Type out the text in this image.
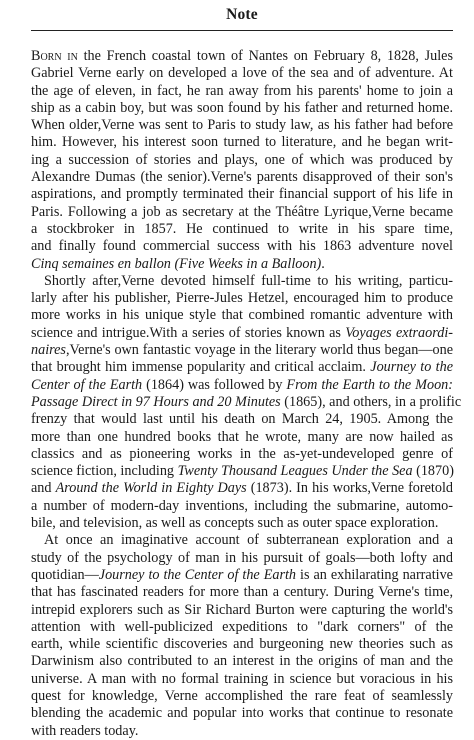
Note
Born in the French coastal town of Nantes on February 8, 1828, Jules
Gabriel Verne early on developed a love of the sea and of adventure. At
the age of eleven, in fact, he ran away from his parents' home to join a
ship as a cabin boy, but was soon found by his father and returned home.
When older,Verne was sent to Paris to study law, as his father had before
him. However, his interest soon turned to literature, and he began writ-
ing a succession of stories and plays, one of which was produced by
Alexandre Dumas (the senior).Verne's parents disapproved of their son's
aspirations, and promptly terminated their financial support of his life in
Paris. Following a job as secretary at the Théâtre Lyrique,Verne became
a stockbroker in 1857. He continued to write in his spare time,
and finally found commercial success with his 1863 adventure novel
Cinq semaines en ballon (Five Weeks in a Balloon).
Shortly after,Verne devoted himself full-time to his writing, particu-
larly after his publisher, Pierre-Jules Hetzel, encouraged him to produce
more works in his unique style that combined romantic adventure with
science and intrigue.With a series of stories known as Voyages extraordi-
naires,Verne's own fantastic voyage in the literary world thus began—one
that brought him immense popularity and critical acclaim. Journey to the
Center of the Earth (1864) was followed by From the Earth to the Moon:
Passage Direct in 97 Hours and 20 Minutes (1865), and others, in a prolific
frenzy that would last until his death on March 24, 1905. Among the
more than one hundred books that he wrote, many are now hailed as
classics and as pioneering works in the as-yet-undeveloped genre of
science fiction, including Twenty Thousand Leagues Under the Sea (1870)
and Around the World in Eighty Days (1873). In his works,Verne foretold
a number of modern-day inventions, including the submarine, automo-
bile, and television, as well as concepts such as outer space exploration.
At once an imaginative account of subterranean exploration and a
study of the psychology of man in his pursuit of goals—both lofty and
quotidian—Journey to the Center of the Earth is an exhilarating narrative
that has fascinated readers for more than a century. During Verne's time,
intrepid explorers such as Sir Richard Burton were capturing the world's
attention with well-publicized expeditions to "dark corners" of the
earth, while scientific discoveries and burgeoning new theories such as
Darwinism also contributed to an interest in the origins of man and the
universe. A man with no formal training in science but voracious in his
quest for knowledge, Verne accomplished the rare feat of seamlessly
blending the academic and popular into works that continue to resonate
with readers today.
